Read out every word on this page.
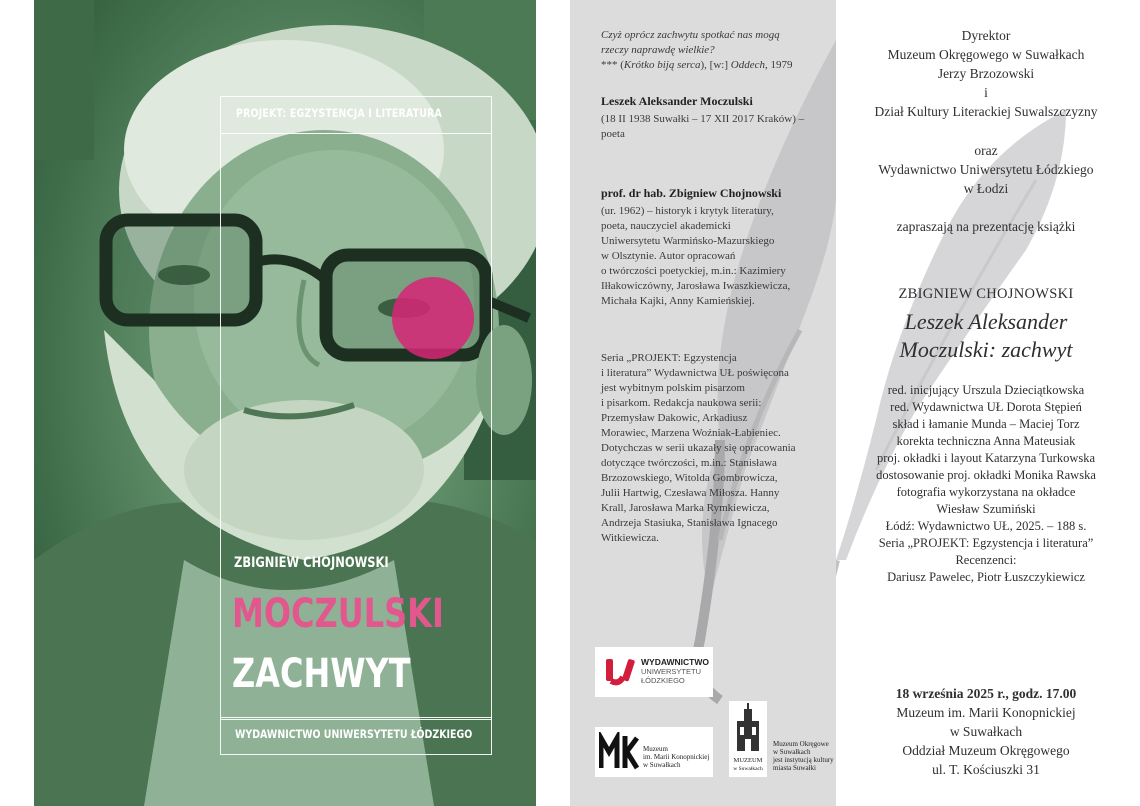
PROJEKT: EGZYSTENCJA I LITERATURA
ZBIGNIEW CHOJNOWSKI
MOCZULSKI
ZACHWYT
WYDAWNICTWO UNIWERSYTETU ŁÓDZKIEGO
Czyż oprócz zachwytu spotkać nas mogą
rzeczy naprawdę wielkie?
*** (Krótko biją serca), [w:] Oddech, 1979
Leszek Aleksander Moczulski
(18 II 1938 Suwałki – 17 XII 2017 Kraków) –
poeta
prof. dr hab. Zbigniew Chojnowski
(ur. 1962) – historyk i krytyk literatury,
poeta, nauczyciel akademicki
Uniwersytetu Warmińsko-Mazurskiego
w Olsztynie. Autor opracowań
o twórczości poetyckiej, m.in.: Kazimiery
Iłłakowiczówny, Jarosława Iwaszkiewicza,
Michała Kajki, Anny Kamieńskiej.
Seria „PROJEKT: Egzystencja
i literatura” Wydawnictwa UŁ poświęcona
jest wybitnym polskim pisarzom
i pisarkom. Redakcja naukowa serii:
Przemysław Dakowic, Arkadiusz
Morawiec, Marzena Woźniak-Łabieniec.
Dotychczas w serii ukazały się opracowania
dotyczące twórczości, m.in.: Stanisława
Brzozowskiego, Witolda Gombrowicza,
Julii Hartwig, Czesława Miłosza. Hanny
Krall, Jarosława Marka Rymkiewicza,
Andrzeja Stasiuka, Stanisława Ignacego
Witkiewicza.
WYDAWNICTWO
UNIWERSYTETU
ŁÓDZKIEGO
Muzeum
im. Marii Konopnickiej
w Suwałkach
MUZEUM
w Suwałkach
Muzeum Okręgowe
w Suwałkach
jest instytucją kultury
miasta Suwałki
Dyrektor
Muzeum Okręgowego w Suwałkach
Jerzy Brzozowski
i
Dział Kultury Literackiej Suwalszczyzny
oraz
Wydawnictwo Uniwersytetu Łódzkiego
w Łodzi
zapraszają na prezentację książki
ZBIGNIEW CHOJNOWSKI
Leszek Aleksander
Moczulski: zachwyt
red. inicjujący Urszula Dzieciątkowska
red. Wydawnictwa UŁ Dorota Stępień
skład i łamanie Munda – Maciej Torz
korekta techniczna Anna Mateusiak
proj. okładki i layout Katarzyna Turkowska
dostosowanie proj. okładki Monika Rawska
fotografia wykorzystana na okładce
Wiesław Szumiński
Łódź: Wydawnictwo UŁ, 2025. – 188 s.
Seria „PROJEKT: Egzystencja i literatura”
Recenzenci:
Dariusz Pawelec, Piotr Łuszczykiewicz
18 września 2025 r., godz. 17.00
Muzeum im. Marii Konopnickiej
w Suwałkach
Oddział Muzeum Okręgowego
ul. T. Kościuszki 31
